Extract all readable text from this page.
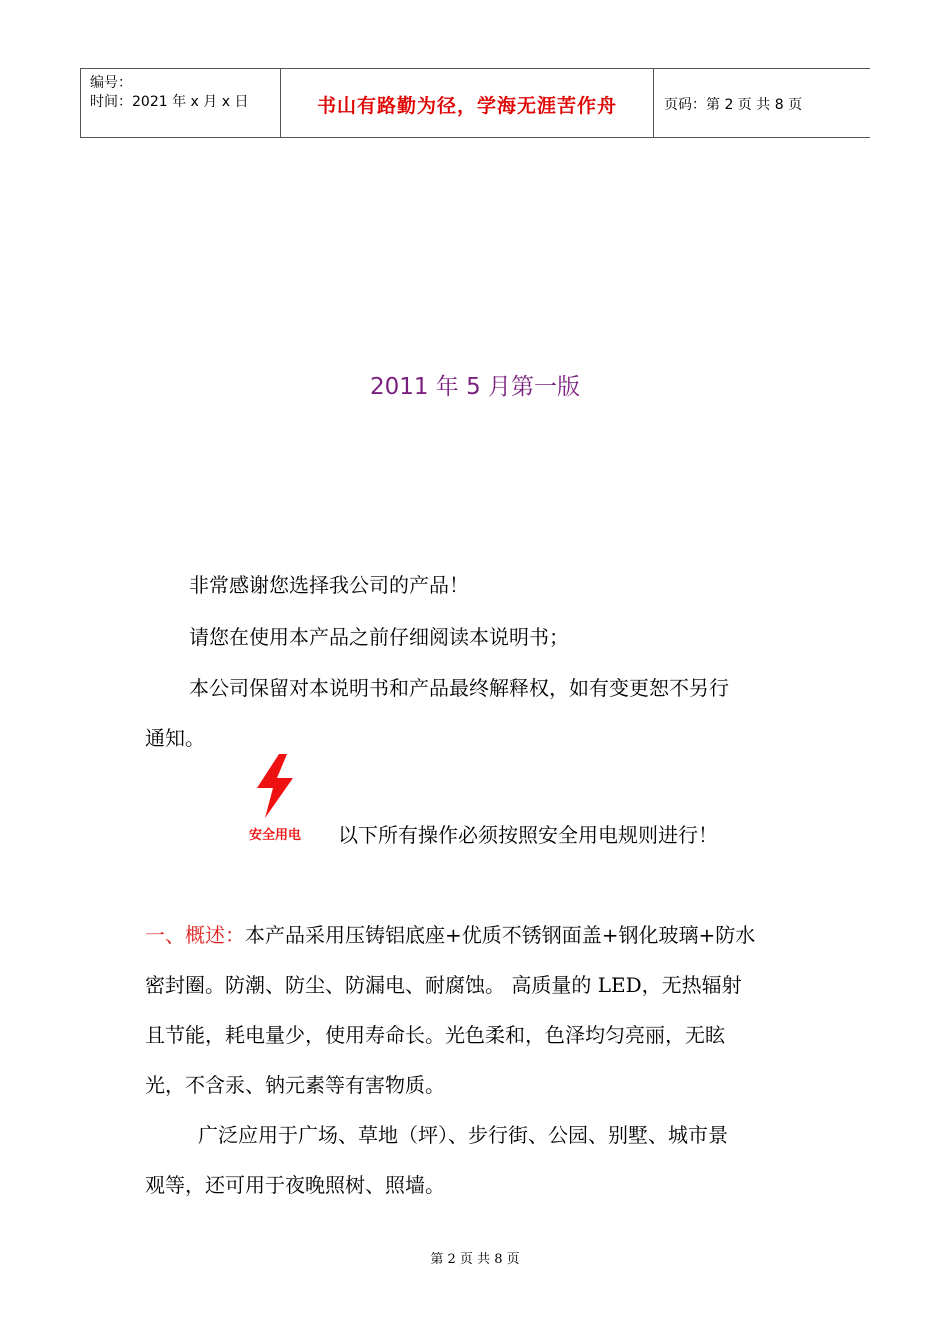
编号：
时间：2021 年 x 月 x 日	书山有路勤为径，学海无涯苦作舟	页码：第 2 页 共 8 页
2011 年 5 月第一版
非常感谢您选择我公司的产品！
请您在使用本产品之前仔细阅读本说明书；
本公司保留对本说明书和产品最终解释权，如有变更恕不另行
通知。
安全用电	以下所有操作必须按照安全用电规则进行！
一、概述：本产品采用压铸铝底座+优质不锈钢面盖+钢化玻璃+防水
密封圈。防潮、防尘、防漏电、耐腐蚀。 高质量的 LED，无热辐射
且节能，耗电量少，使用寿命长。光色柔和，色泽均匀亮丽，无眩
光，不含汞、钠元素等有害物质。
广泛应用于广场、草地（坪）、步行街、公园、别墅、城市景
观等，还可用于夜晚照树、照墙。
第 2 页 共 8 页
